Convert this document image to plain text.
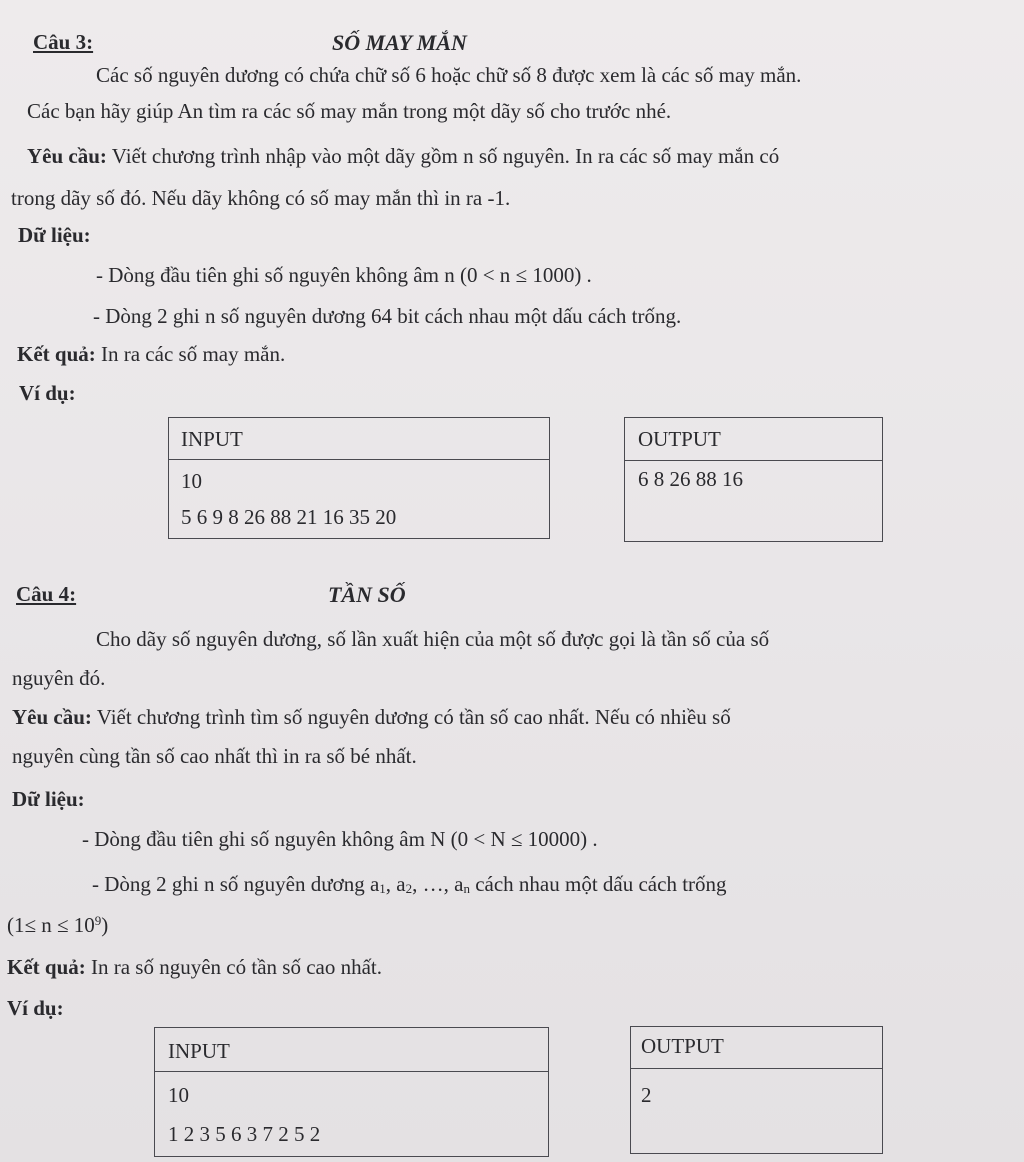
Câu 3:	SỐ MAY MẮN
Các số nguyên dương có chứa chữ số 6 hoặc chữ số 8 được xem là các số may mắn.
Các bạn hãy giúp An tìm ra các số may mắn trong một dãy số cho trước nhé.
Yêu cầu: Viết chương trình nhập vào một dãy gồm n số nguyên. In ra các số may mắn có
trong dãy số đó. Nếu dãy không có số may mắn thì in ra -1.
Dữ liệu:
- Dòng đầu tiên ghi số nguyên không âm n (0 < n ≤ 1000) .
- Dòng 2 ghi n số nguyên dương 64 bit cách nhau một dấu cách trống.
Kết quả: In ra các số may mắn.
Ví dụ:
INPUT
10
5 6 9 8 26 88 21 16 35 20
OUTPUT
6 8 26 88 16
Câu 4:	TẦN SỐ
Cho dãy số nguyên dương, số lần xuất hiện của một số được gọi là tần số của số
nguyên đó.
Yêu cầu: Viết chương trình tìm số nguyên dương có tần số cao nhất. Nếu có nhiều số
nguyên cùng tần số cao nhất thì in ra số bé nhất.
Dữ liệu:
- Dòng đầu tiên ghi số nguyên không âm N (0 < N ≤ 10000) .
- Dòng 2 ghi n số nguyên dương $a_1$, $a_2$, …, $a_n$ cách nhau một dấu cách trống
$(1\le n \le 10^9)$
Kết quả: In ra số nguyên có tần số cao nhất.
Ví dụ:
INPUT
10
1 2 3 5 6 3 7 2 5 2
OUTPUT
2
